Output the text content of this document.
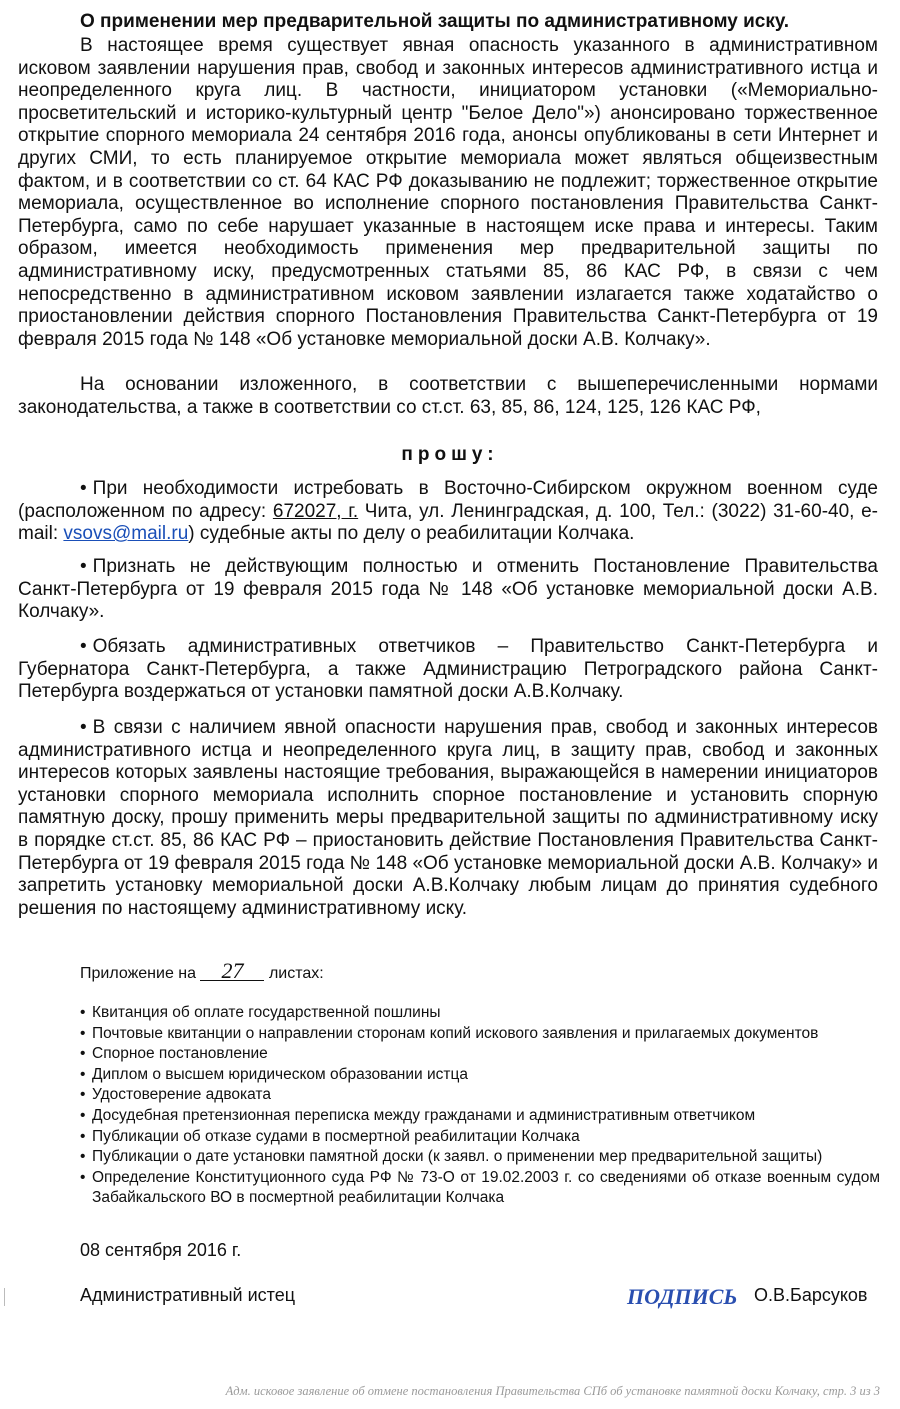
О применении мер предварительной защиты по административному иску.
В настоящее время существует явная опасность указанного в административном исковом заявлении нарушения прав, свобод и законных интересов административного истца и неопределенного круга лиц. В частности, инициатором установки («Мемориально-просветительский и историко-культурный центр "Белое Дело"») анонсировано торжественное открытие спорного мемориала 24 сентября 2016 года, анонсы опубликованы в сети Интернет и других СМИ, то есть планируемое открытие мемориала может являться общеизвестным фактом, и в соответствии со ст. 64 КАС РФ доказыванию не подлежит; торжественное открытие мемориала, осуществленное во исполнение спорного постановления Правительства Санкт-Петербурга, само по себе нарушает указанные в настоящем иске права и интересы. Таким образом, имеется необходимость применения мер предварительной защиты по административному иску, предусмотренных статьями 85, 86 КАС РФ, в связи с чем непосредственно в административном исковом заявлении излагается также ходатайство о приостановлении действия спорного Постановления Правительства Санкт-Петербурга от 19 февраля 2015 года № 148 «Об установке мемориальной доски А.В. Колчаку».
На основании изложенного, в соответствии с вышеперечисленными нормами законодательства, а также в соответствии со ст.ст. 63, 85, 86, 124, 125, 126 КАС РФ,
прошу:
• При необходимости истребовать в Восточно-Сибирском окружном военном суде (расположенном по адресу: 672027, г. Чита, ул. Ленинградская, д. 100, Тел.: (3022) 31-60-40, e-mail: vsovs@mail.ru) судебные акты по делу о реабилитации Колчака.
• Признать не действующим полностью и отменить Постановление Правительства Санкт-Петербурга от 19 февраля 2015 года № 148 «Об установке мемориальной доски А.В. Колчаку».
• Обязать административных ответчиков – Правительство Санкт-Петербурга и Губернатора Санкт-Петербурга, а также Администрацию Петроградского района Санкт-Петербурга воздержаться от установки памятной доски А.В.Колчаку.
• В связи с наличием явной опасности нарушения прав, свобод и законных интересов административного истца и неопределенного круга лиц, в защиту прав, свобод и законных интересов которых заявлены настоящие требования, выражающейся в намерении инициаторов установки спорного мемориала исполнить спорное постановление и установить спорную памятную доску, прошу применить меры предварительной защиты по административному иску в порядке ст.ст. 85, 86 КАС РФ – приостановить действие Постановления Правительства Санкт-Петербурга от 19 февраля 2015 года № 148 «Об установке мемориальной доски А.В. Колчаку» и запретить установку мемориальной доски А.В.Колчаку любым лицам до принятия судебного решения по настоящему административному иску.
Приложение на 27 листах:
• Квитанция об оплате государственной пошлины
• Почтовые квитанции о направлении сторонам копий искового заявления и прилагаемых документов
• Спорное постановление
• Диплом о высшем юридическом образовании истца
• Удостоверение адвоката
• Досудебная претензионная переписка между гражданами и административным ответчиком
• Публикации об отказе судами в посмертной реабилитации Колчака
• Публикации о дате установки памятной доски (к заявл. о применении мер предварительной защиты)
• Определение Конституционного суда РФ № 73-О от 19.02.2003 г. со сведениями об отказе военным судом Забайкальского ВО в посмертной реабилитации Колчака
08 сентября 2016 г.
Административный истец	ПОДПИСЬ О.В.Барсуков
Адм. исковое заявление об отмене постановления Правительства СПб об установке памятной доски Колчаку, стр. 3 из 3
